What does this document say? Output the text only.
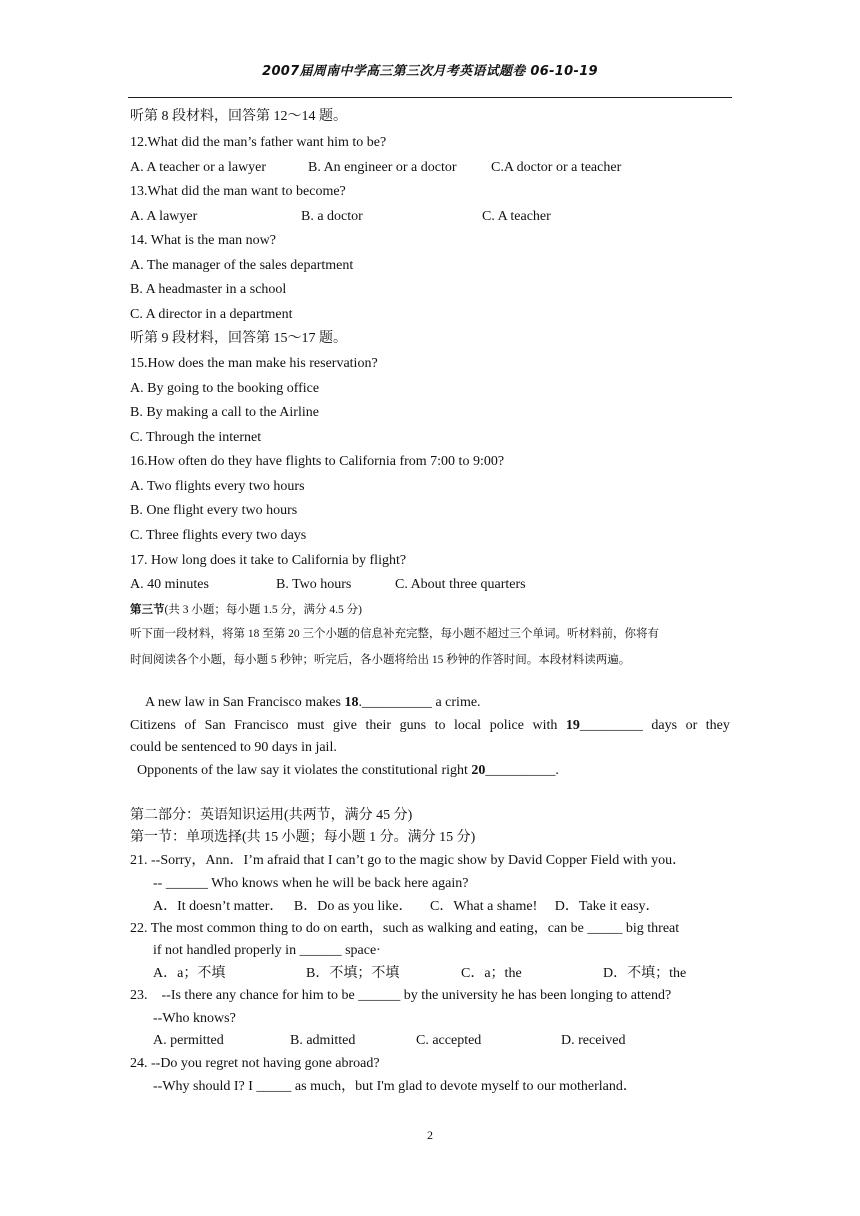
2007届周南中学高三第三次月考英语试题卷 06-10-19
听第 8 段材料，回答第 12～14 题。
12.What did the man’s father want him to be?
A. A teacher or a lawyer	B. An engineer or a doctor C.A doctor or a teacher
13.What did the man want to become?
A. A lawyer	B. a doctor	C. A teacher
14. What is the man now?
A. The manager of the sales department
B. A headmaster in a school
C. A director in a department
听第 9 段材料，回答第 15～17 题。
15.How does the man make his reservation?
A. By going to the booking office
B. By making a call to the Airline
C. Through the internet
16.How often do they have flights to California from 7:00 to 9:00?
A. Two flights every two hours
B. One flight every two hours
C. Three flights every two days
17. How long does it take to California by flight?
A. 40 minutes	B. Two hours	C. About three quarters
第三节(共 3 小题；每小题 1.5 分，满分 4.5 分)
听下面一段材料，将第 18 至第 20 三个小题的信息补充完整，每小题不超过三个单词。听材料前，你将有
时间阅读各个小题，每小题 5 秒钟；听完后，各小题将给出 15 秒钟的作答时间。本段材料读两遍。
A new law in San Francisco makes 18.__________ a crime.
Citizens of San Francisco must give their guns to local police with 19_________ days or they
could be sentenced to 90 days in jail.
Opponents of the law say it violates the constitutional right 20__________.
第二部分：英语知识运用(共两节，满分 45 分)
第一节：单项选择(共 15 小题；每小题 1 分。满分 15 分)
21. --Sorry，Ann．I’m afraid that I can’t go to the magic show by David Copper Field with you．
-- ______ Who knows when he will be back here again?
A．It doesn’t matter．   B．Do as you like．     C．What a shame!     D．Take it easy．
22. The most common thing to do on earth，such as walking and eating，can be _____ big threat
if not handled properly in ______ space·
A．a；不填	B．不填；不填	C．a；the	D．不填；the
23.    --Is there any chance for him to be ______ by the university he has been longing to attend?
--Who knows?
A. permitted	B. admitted	C. accepted	D. received
24. --Do you regret not having gone abroad?
--Why should I? I _____ as much，but I'm glad to devote myself to our motherland．
2
